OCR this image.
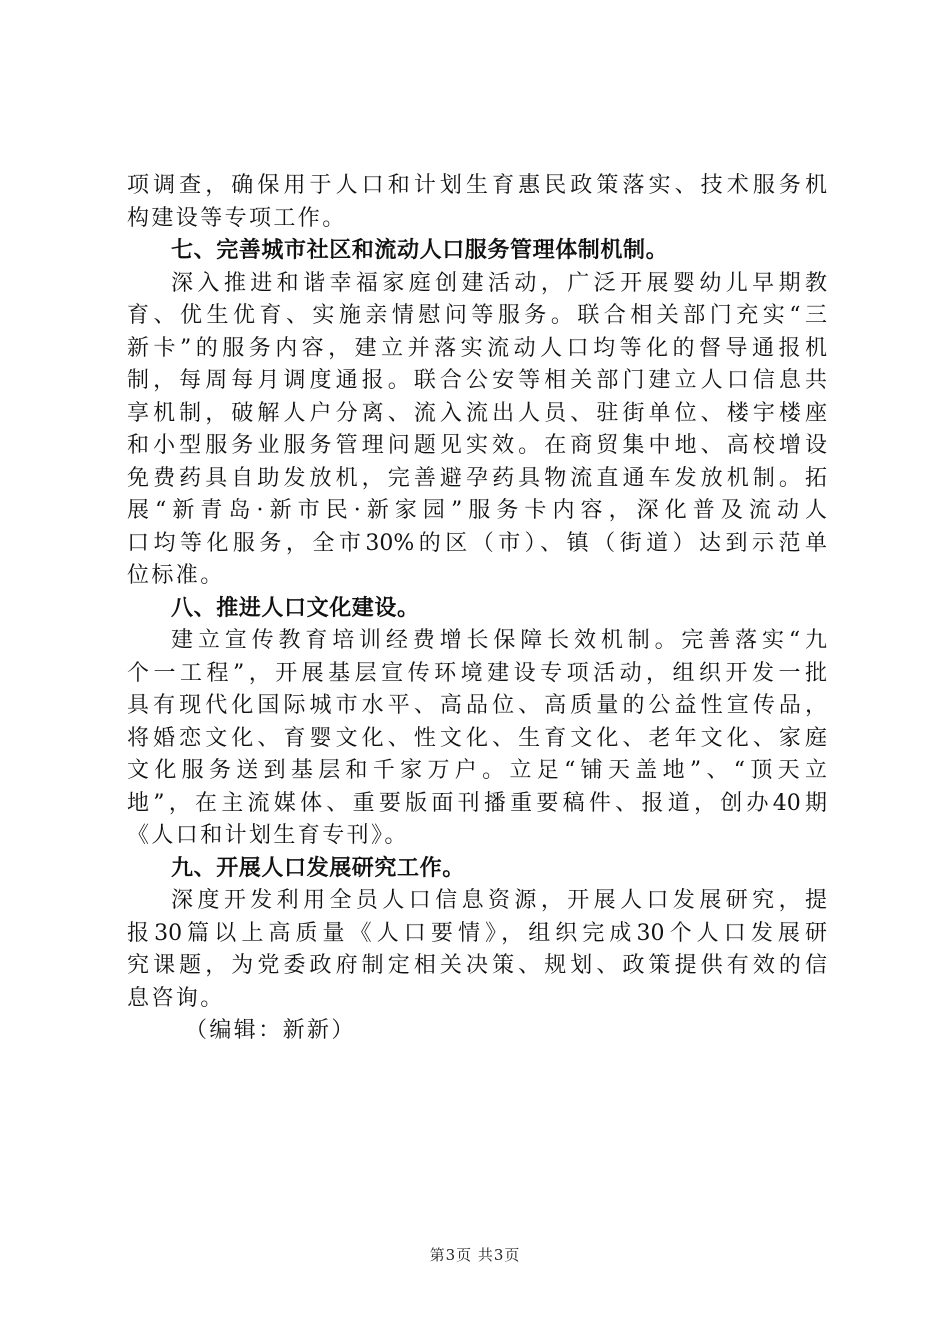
项调查，确保用于人口和计划生育惠民政策落实、技术服务机
构建设等专项工作。
七、完善城市社区和流动人口服务管理体制机制。
深入推进和谐幸福家庭创建活动，广泛开展婴幼儿早期教
育、优生优育、实施亲情慰问等服务。联合相关部门充实“三
新卡”的服务内容，建立并落实流动人口均等化的督导通报机
制，每周每月调度通报。联合公安等相关部门建立人口信息共
享机制，破解人户分离、流入流出人员、驻街单位、楼宇楼座
和小型服务业服务管理问题见实效。在商贸集中地、高校增设
免费药具自助发放机，完善避孕药具物流直通车发放机制。拓
展“新青岛·新市民·新家园”服务卡内容，深化普及流动人
口均等化服务，全市30%的区（市）、镇（街道）达到示范单
位标准。
八、推进人口文化建设。
建立宣传教育培训经费增长保障长效机制。完善落实“九
个一工程”，开展基层宣传环境建设专项活动，组织开发一批
具有现代化国际城市水平、高品位、高质量的公益性宣传品，
将婚恋文化、育婴文化、性文化、生育文化、老年文化、家庭
文化服务送到基层和千家万户。立足“铺天盖地”、“顶天立
地”，在主流媒体、重要版面刊播重要稿件、报道，创办40期
《人口和计划生育专刊》。
九、开展人口发展研究工作。
深度开发利用全员人口信息资源，开展人口发展研究，提
报30篇以上高质量《人口要情》，组织完成30个人口发展研
究课题，为党委政府制定相关决策、规划、政策提供有效的信
息咨询。
（编辑：新新）
第3页 共3页
